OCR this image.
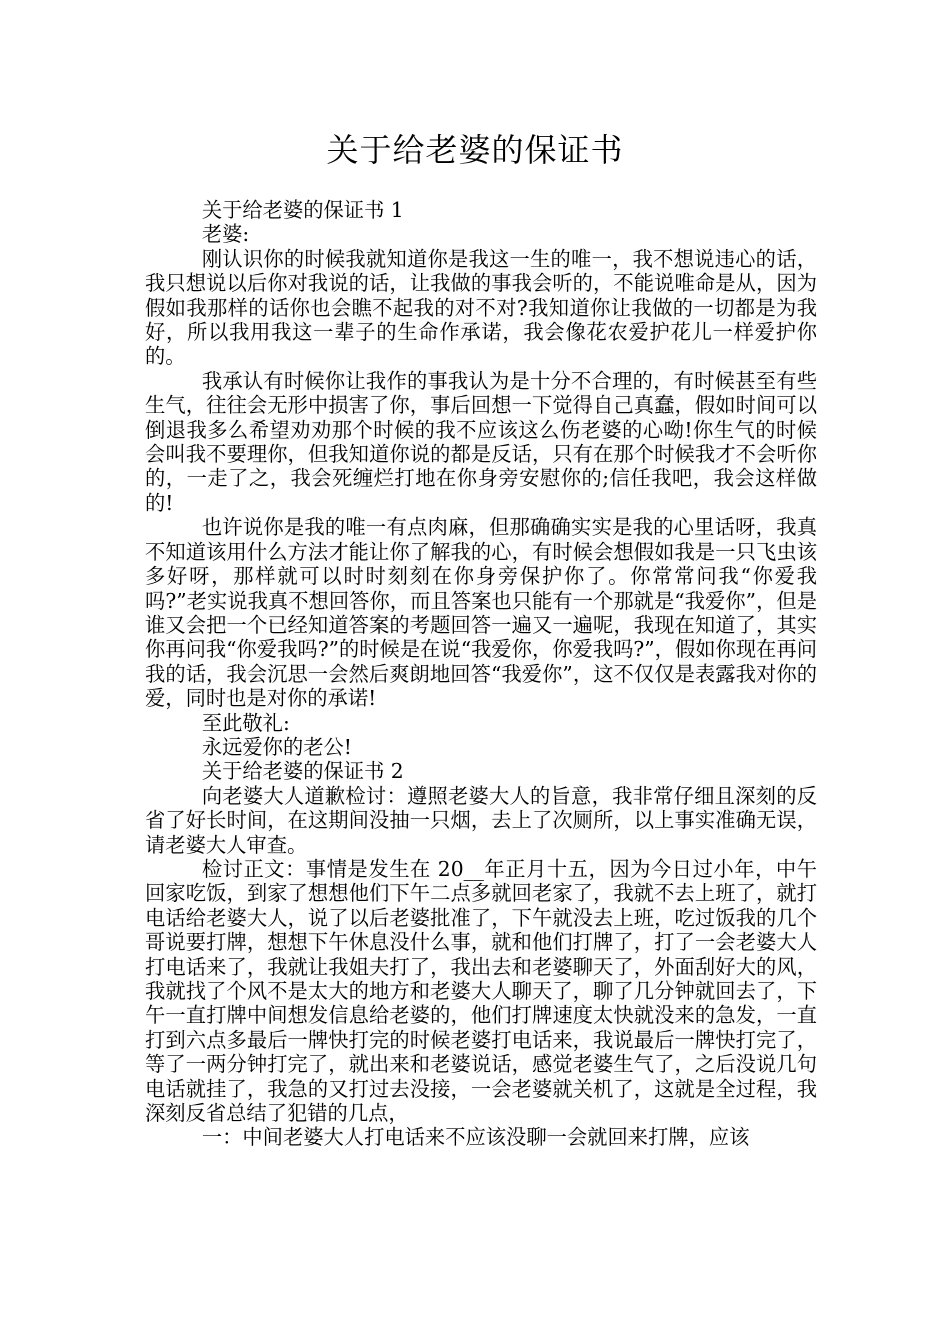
关于给老婆的保证书

关于给老婆的保证书 1

老婆:

刚认识你的时候我就知道你是我这一生的唯一，我不想说违心的话，我只想说以后你对我说的话，让我做的事我会听的，不能说唯命是从，因为假如我那样的话你也会瞧不起我的对不对?我知道你让我做的一切都是为我好，所以我用我这一辈子的生命作承诺，我会像花农爱护花儿一样爱护你的。

我承认有时候你让我作的事我认为是十分不合理的，有时候甚至有些生气，往往会无形中损害了你，事后回想一下觉得自己真蠢，假如时间可以倒退我多么希望劝劝那个时候的我不应该这么伤老婆的心呦!你生气的时候会叫我不要理你，但我知道你说的都是反话，只有在那个时候我才不会听你的，一走了之，我会死缠烂打地在你身旁安慰你的;信任我吧，我会这样做的!

也许说你是我的唯一有点肉麻，但那确确实实是我的心里话呀，我真不知道该用什么方法才能让你了解我的心，有时候会想假如我是一只飞虫该多好呀，那样就可以时时刻刻在你身旁保护你了。你常常问我“你爱我吗?”老实说我真不想回答你，而且答案也只能有一个那就是“我爱你”，但是谁又会把一个已经知道答案的考题回答一遍又一遍呢，我现在知道了，其实你再问我“你爱我吗?”的时候是在说“我爱你，你爱我吗?”，假如你现在再问我的话，我会沉思一会然后爽朗地回答“我爱你”，这不仅仅是表露我对你的爱，同时也是对你的承诺!

至此敬礼:

永远爱你的老公!

关于给老婆的保证书 2

向老婆大人道歉检讨：遵照老婆大人的旨意，我非常仔细且深刻的反省了好长时间，在这期间没抽一只烟，去上了次厕所，以上事实准确无误，请老婆大人审查。

检讨正文：事情是发生在 20__年正月十五，因为今日过小年，中午回家吃饭，到家了想想他们下午二点多就回老家了，我就不去上班了，就打电话给老婆大人，说了以后老婆批准了，下午就没去上班，吃过饭我的几个哥说要打牌，想想下午休息没什么事，就和他们打牌了，打了一会老婆大人打电话来了，我就让我姐夫打了，我出去和老婆聊天了，外面刮好大的风，我就找了个风不是太大的地方和老婆大人聊天了，聊了几分钟就回去了，下午一直打牌中间想发信息给老婆的，他们打牌速度太快就没来的急发，一直打到六点多最后一牌快打完的时候老婆打电话来，我说最后一牌快打完了，等了一两分钟打完了，就出来和老婆说话，感觉老婆生气了，之后没说几句电话就挂了，我急的又打过去没接，一会老婆就关机了，这就是全过程，我深刻反省总结了犯错的几点，

一：中间老婆大人打电话来不应该没聊一会就回来打牌，应该
